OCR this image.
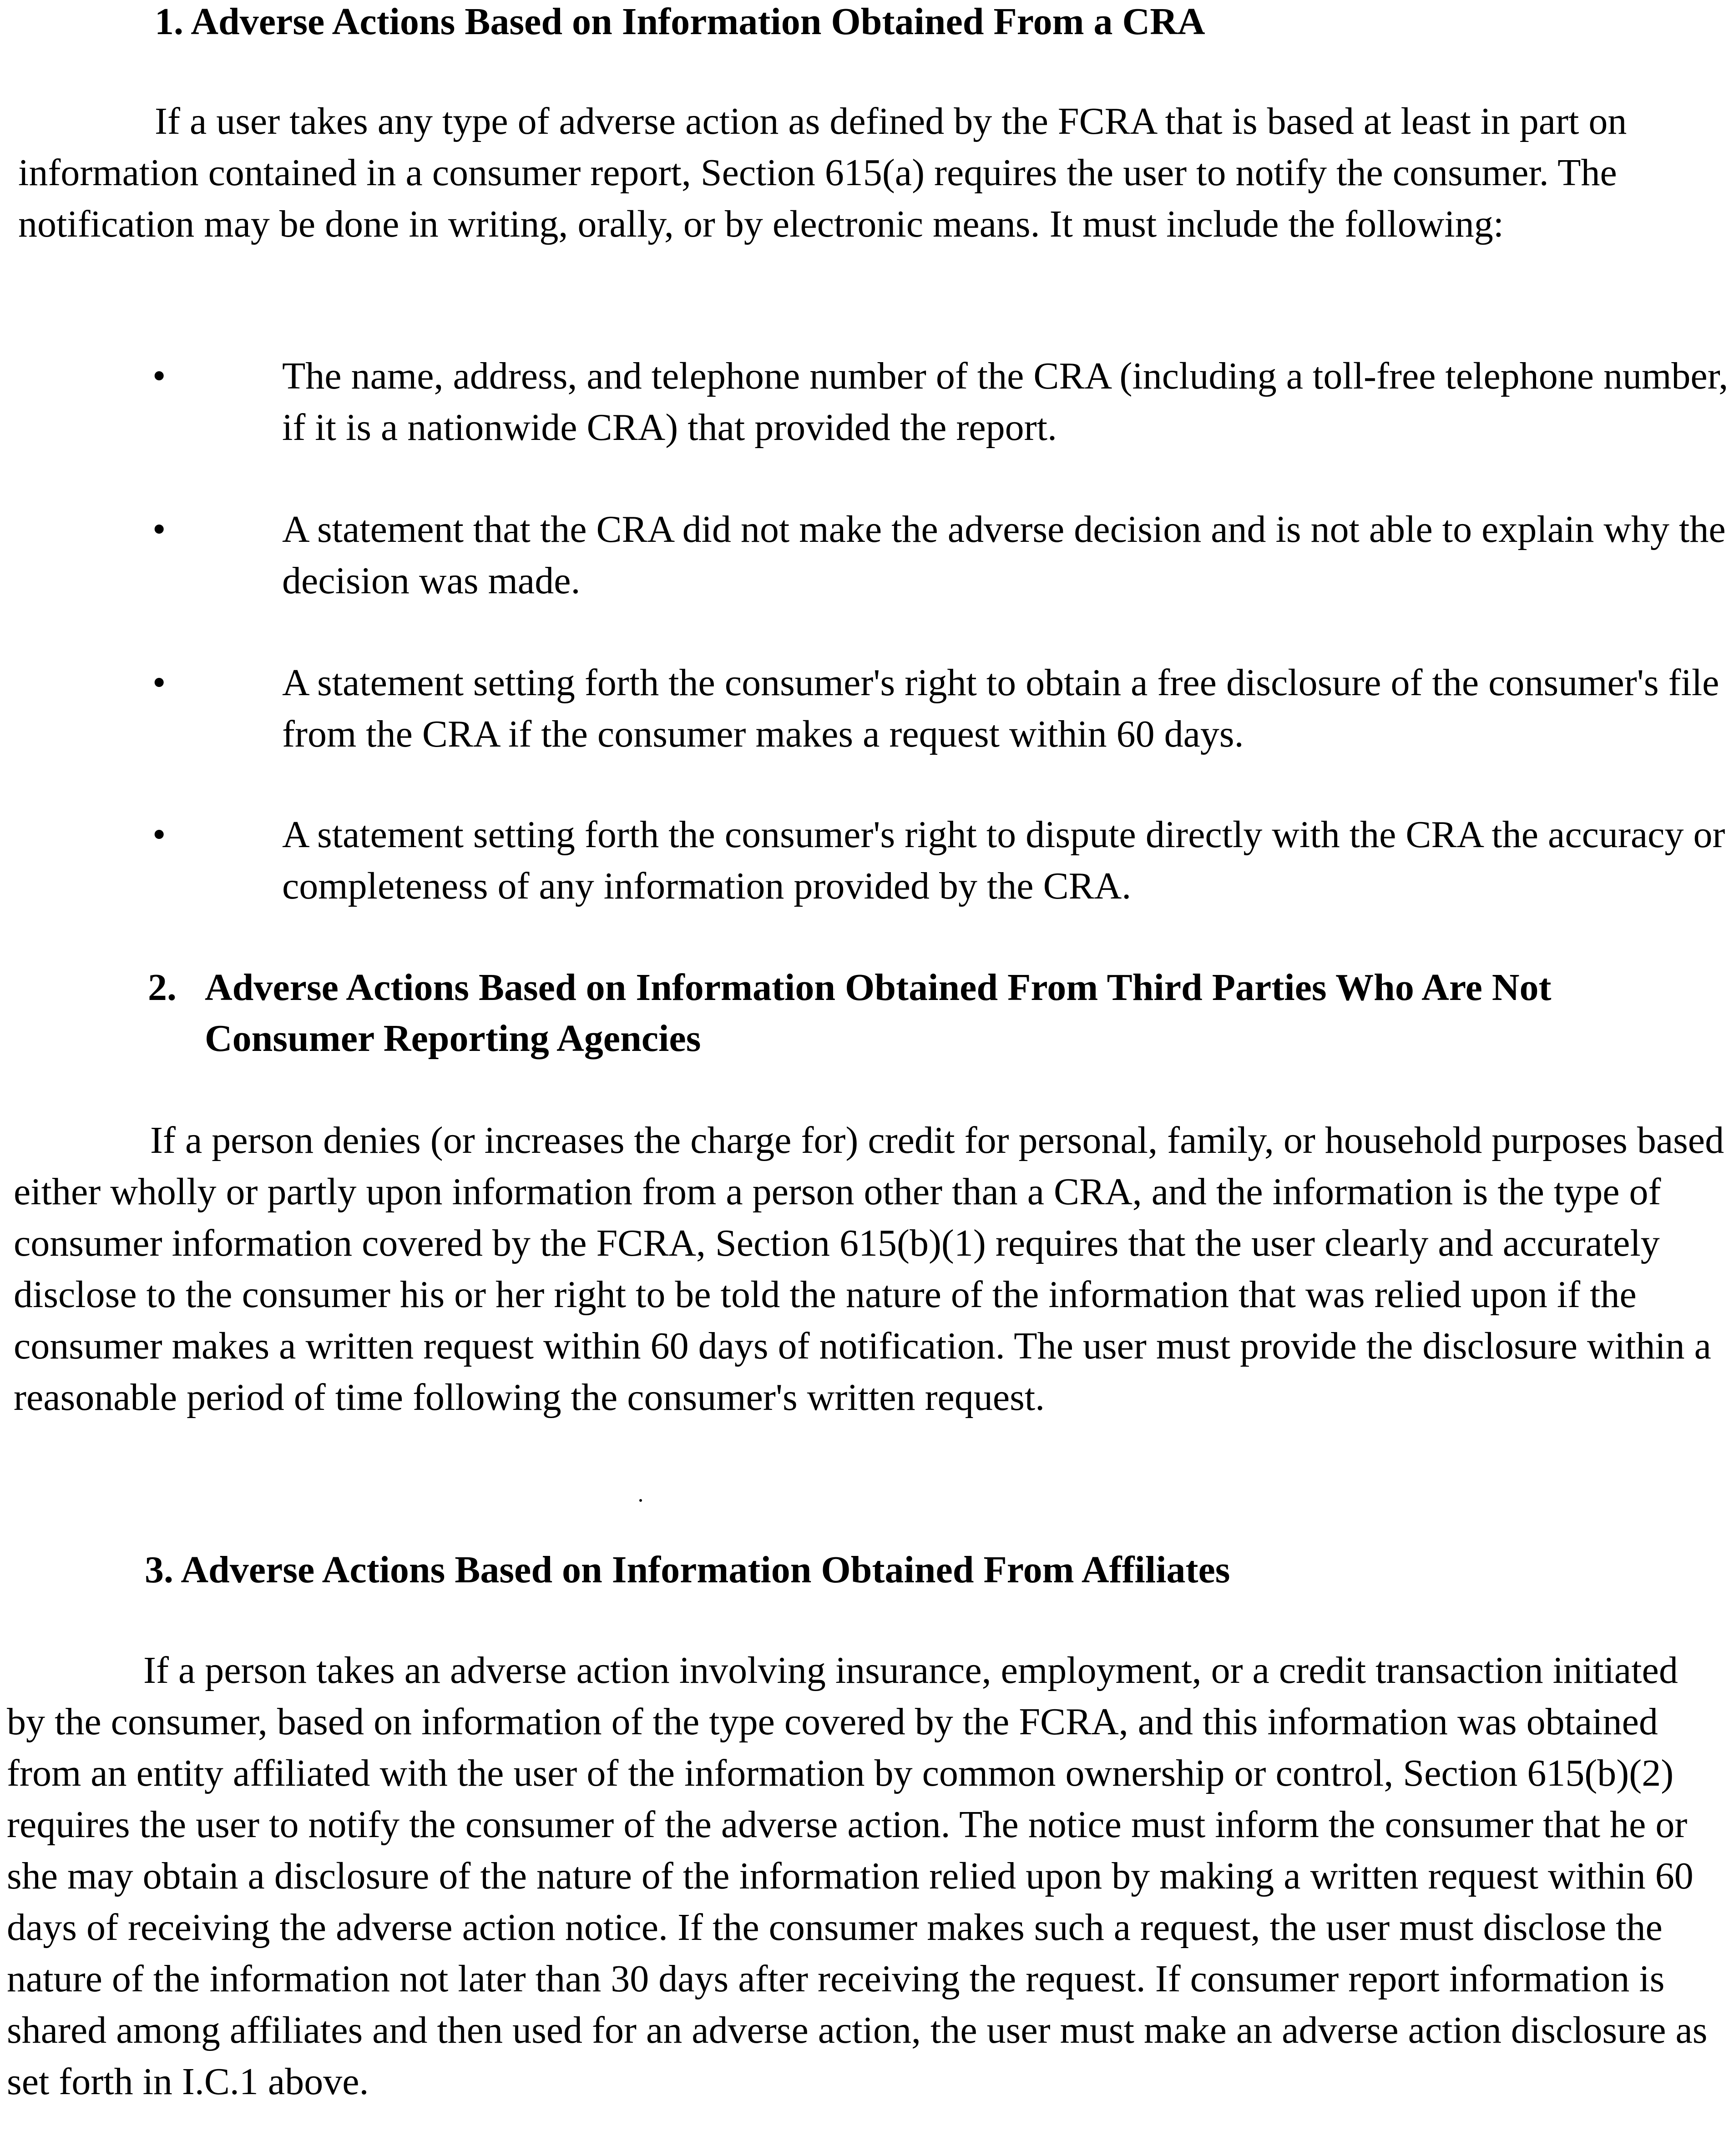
1. Adverse Actions Based on Information Obtained From a CRA

If a user takes any type of adverse action as defined by the FCRA that is based at least in part on information contained in a consumer report, Section 615(a) requires the user to notify the consumer. The notification may be done in writing, orally, or by electronic means. It must include the following:

•	The name, address, and telephone number of the CRA (including a toll-free telephone number, if it is a nationwide CRA) that provided the report.

•	A statement that the CRA did not make the adverse decision and is not able to explain why the decision was made.

•	A statement setting forth the consumer's right to obtain a free disclosure of the consumer's file from the CRA if the consumer makes a request within 60 days.

•	A statement setting forth the consumer's right to dispute directly with the CRA the accuracy or completeness of any information provided by the CRA.

2. Adverse Actions Based on Information Obtained From Third Parties Who Are Not Consumer Reporting Agencies

If a person denies (or increases the charge for) credit for personal, family, or household purposes based either wholly or partly upon information from a person other than a CRA, and the information is the type of consumer information covered by the FCRA, Section 615(b)(1) requires that the user clearly and accurately disclose to the consumer his or her right to be told the nature of the information that was relied upon if the consumer makes a written request within 60 days of notification. The user must provide the disclosure within a reasonable period of time following the consumer's written request.

3. Adverse Actions Based on Information Obtained From Affiliates

If a person takes an adverse action involving insurance, employment, or a credit transaction initiated by the consumer, based on information of the type covered by the FCRA, and this information was obtained from an entity affiliated with the user of the information by common ownership or control, Section 615(b)(2) requires the user to notify the consumer of the adverse action. The notice must inform the consumer that he or she may obtain a disclosure of the nature of the information relied upon by making a written request within 60 days of receiving the adverse action notice. If the consumer makes such a request, the user must disclose the nature of the information not later than 30 days after receiving the request. If consumer report information is shared among affiliates and then used for an adverse action, the user must make an adverse action disclosure as set forth in I.C.1 above.
